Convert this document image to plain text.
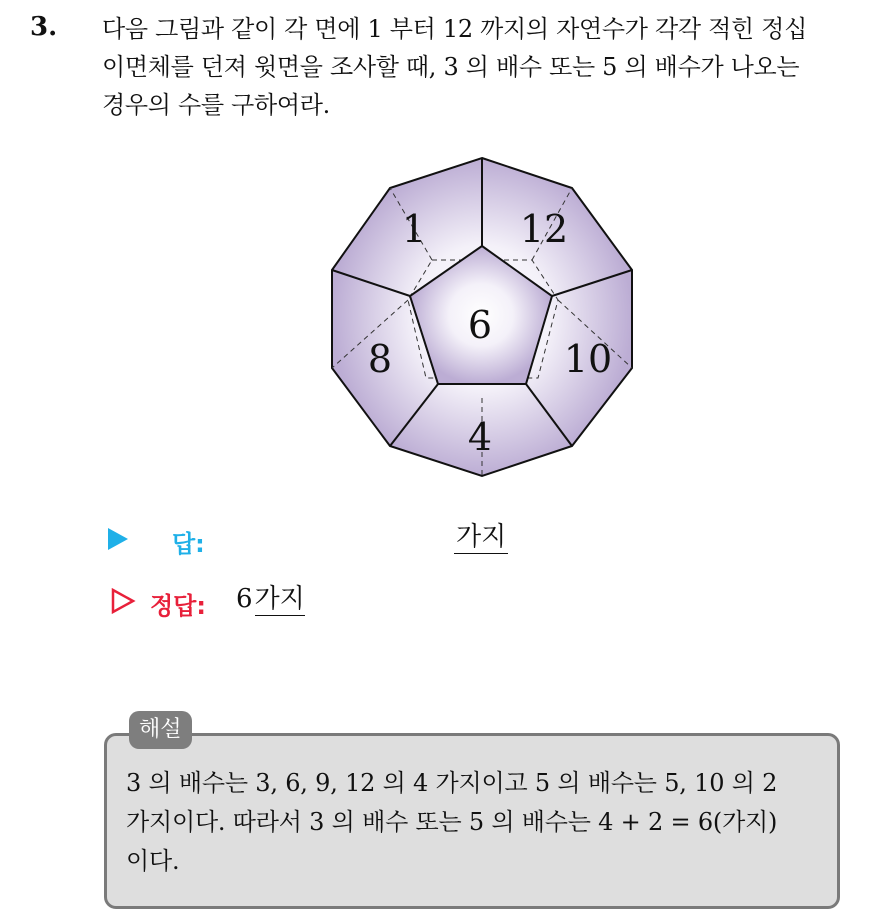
3. 다음 그림과 같이 각 면에 1 부터 12 까지의 자연수가 각각 적힌 정십
이면체를 던져 윗면을 조사할 때, 3 의 배수 또는 5 의 배수가 나오는
경우의 수를 구하여라.
6
1 12
8	10
4
답:	가지
정답: 6가지
해설
3 의 배수는 3, 6, 9, 12 의 4 가지이고 5 의 배수는 5, 10 의 2
가지이다. 따라서 3 의 배수 또는 5 의 배수는 4 + 2 = 6(가지)
이다.
